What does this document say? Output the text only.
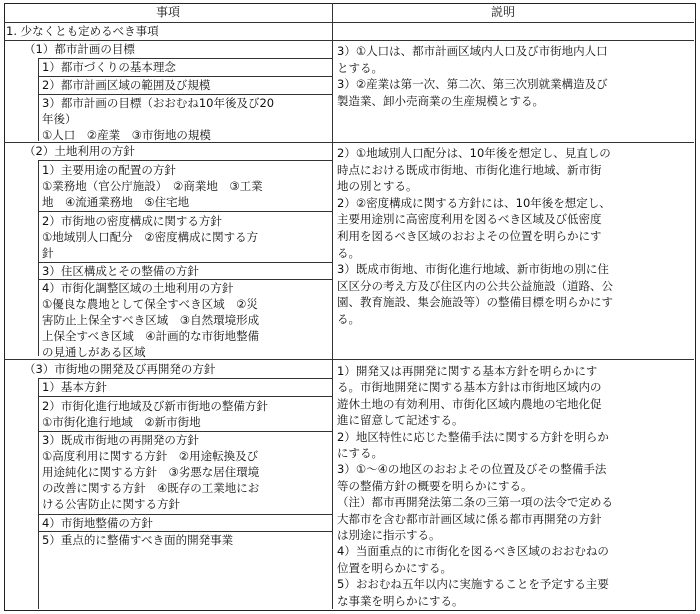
事項	説明
1. 少なくとも定めるべき事項
（1）都市計画の目標
1）都市づくりの基本理念
2）都市計画区域の範囲及び規模
3）都市計画の目標（おおむね10年後及び20
年後）
①人口　②産業　③市街地の規模
3）①人口は、都市計画区域内人口及び市街地内人口
とする。
3）②産業は第一次、第二次、第三次別就業構造及び
製造業、卸小売商業の生産規模とする。
（2）土地利用の方針
1）主要用途の配置の方針
①業務地（官公庁施設）　②商業地　③工業
地　④流通業務地　⑤住宅地
2）市街地の密度構成に関する方針
①地域別人口配分　②密度構成に関する方
針
3）住区構成とその整備の方針
4）市街化調整区域の土地利用の方針
①優良な農地として保全すべき区域　②災
害防止上保全すべき区域　③自然環境形成
上保全すべき区域　④計画的な市街地整備
の見通しがある区域
2）①地域別人口配分は、10年後を想定し、見直しの
時点における既成市街地、市街化進行地域、新市街
地の別とする。
2）②密度構成に関する方針には、10年後を想定し、
主要用途別に高密度利用を図るべき区域及び低密度
利用を図るべき区域のおおよその位置を明らかにす
る。
3）既成市街地、市街化進行地域、新市街地の別に住
区区分の考え方及び住区内の公共公益施設（道路、公
園、教育施設、集会施設等）の整備目標を明らかにす
る。
（3）市街地の開発及び再開発の方針
1）基本方針
2）市街化進行地域及び新市街地の整備方針
①市街化進行地域　②新市街地
3）既成市街地の再開発の方針
①高度利用に関する方針　②用途転換及び
用途純化に関する方針　③劣悪な居住環境
の改善に関する方針　④既存の工業地にお
ける公害防止に関する方針
4）市街地整備の方針
5）重点的に整備すべき面的開発事業
1）開発又は再開発に関する基本方針を明らかにす
る。市街地開発に関する基本方針は市街地区域内の
遊休土地の有効利用、市街化区域内農地の宅地化促
進に留意して記述する。
2）地区特性に応じた整備手法に関する方針を明らか
にする。
3）①～④の地区のおおよその位置及びその整備手法
等の整備方針の概要を明らかにする。
（注）都市再開発法第二条の三第一項の法令で定める
大都市を含む都市計画区域に係る都市再開発の方針
は別途に指示する。
4）当面重点的に市街化を図るべき区域のおおむねの
位置を明らかにする。
5）おおむね五年以内に実施することを予定する主要
な事業を明らかにする。
